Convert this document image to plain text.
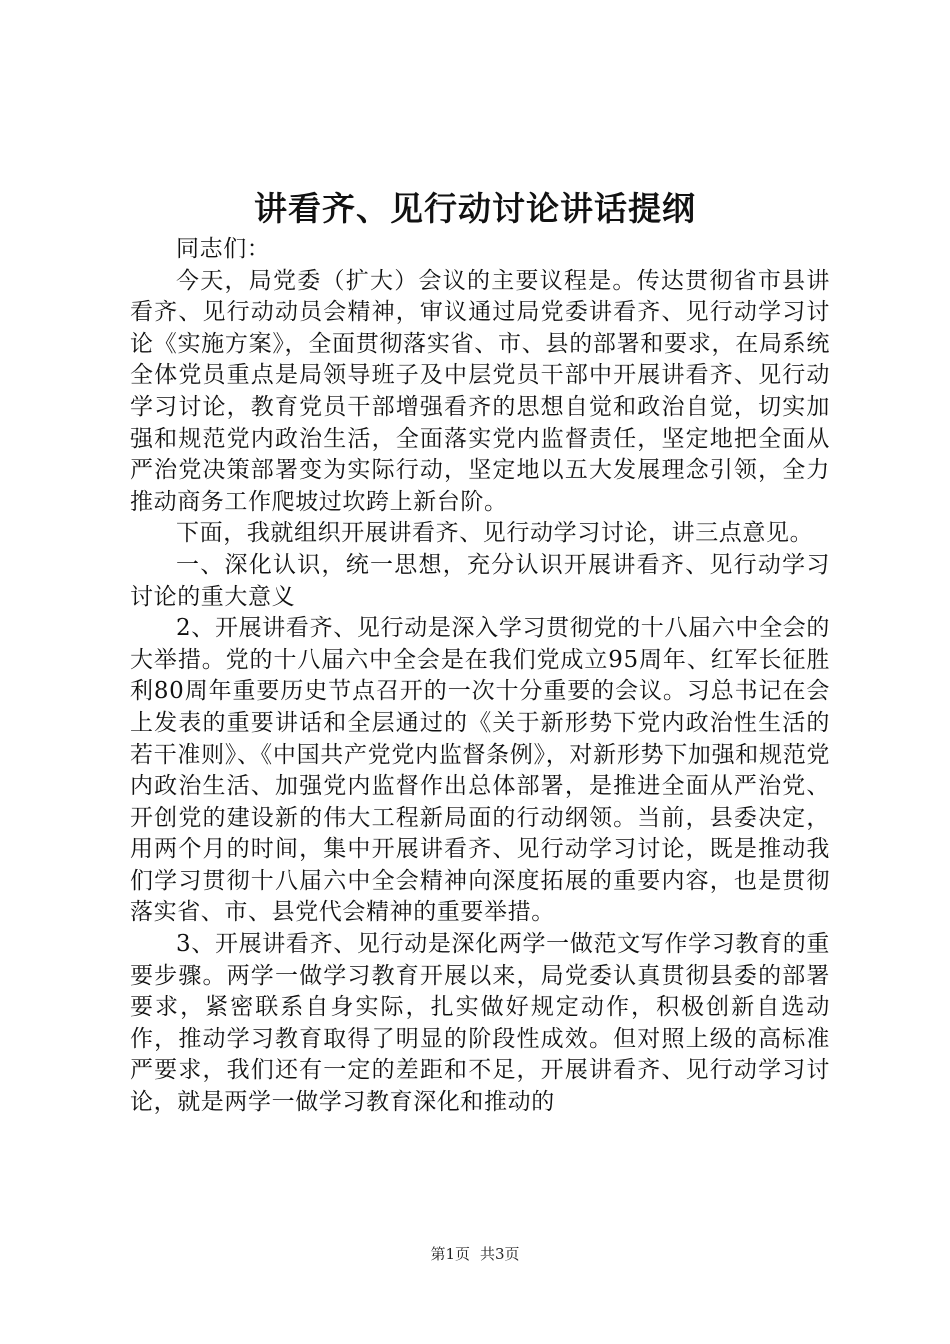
讲看齐、见行动讨论讲话提纲

同志们：

今天，局党委（扩大）会议的主要议程是。传达贯彻省市县讲看齐、见行动动员会精神，审议通过局党委讲看齐、见行动学习讨论《实施方案》，全面贯彻落实省、市、县的部署和要求，在局系统全体党员重点是局领导班子及中层党员干部中开展讲看齐、见行动学习讨论，教育党员干部增强看齐的思想自觉和政治自觉，切实加强和规范党内政治生活，全面落实党内监督责任，坚定地把全面从严治党决策部署变为实际行动，坚定地以五大发展理念引领，全力推动商务工作爬坡过坎跨上新台阶。

下面，我就组织开展讲看齐、见行动学习讨论，讲三点意见。

一、深化认识，统一思想，充分认识开展讲看齐、见行动学习讨论的重大意义

2、开展讲看齐、见行动是深入学习贯彻党的十八届六中全会的大举措。党的十八届六中全会是在我们党成立95周年、红军长征胜利80周年重要历史节点召开的一次十分重要的会议。习总书记在会上发表的重要讲话和全层通过的《关于新形势下党内政治性生活的若干准则》、《中国共产党党内监督条例》，对新形势下加强和规范党内政治生活、加强党内监督作出总体部署，是推进全面从严治党、开创党的建设新的伟大工程新局面的行动纲领。当前，县委决定，用两个月的时间，集中开展讲看齐、见行动学习讨论，既是推动我们学习贯彻十八届六中全会精神向深度拓展的重要内容，也是贯彻落实省、市、县党代会精神的重要举措。

3、开展讲看齐、见行动是深化两学一做范文写作学习教育的重要步骤。两学一做学习教育开展以来，局党委认真贯彻县委的部署要求，紧密联系自身实际，扎实做好规定动作，积极创新自选动作，推动学习教育取得了明显的阶段性成效。但对照上级的高标准严要求，我们还有一定的差距和不足，开展讲看齐、见行动学习讨论，就是两学一做学习教育深化和推动的

第1页 共3页
